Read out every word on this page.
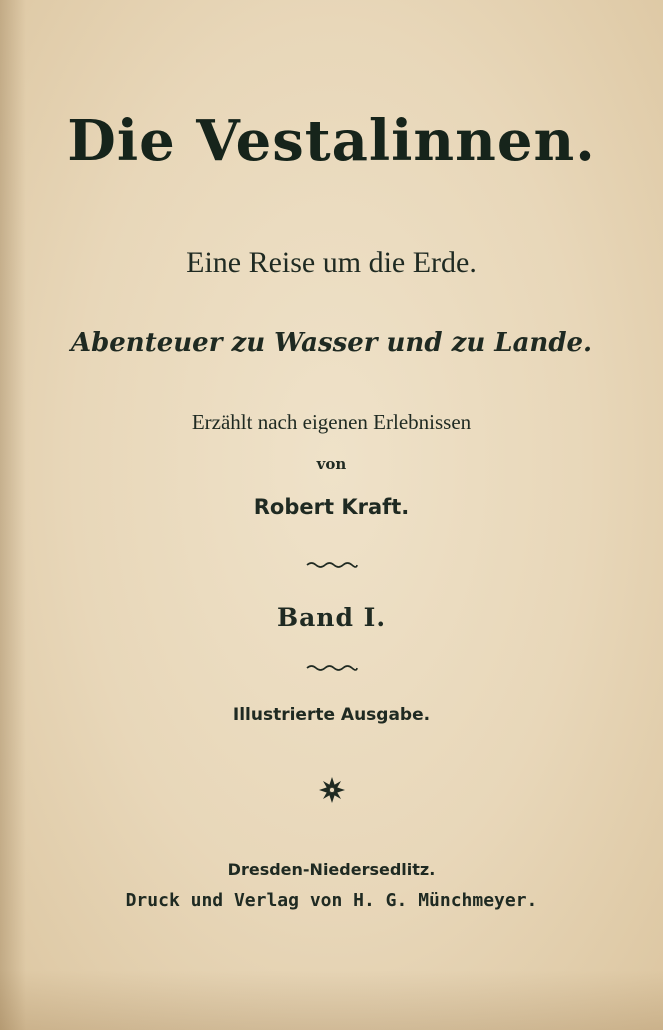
Die Vestalinnen.
Eine Reise um die Erde.
Abenteuer zu Wasser und zu Lande.
Erzählt nach eigenen Erlebnissen
von
Robert Kraft.
Band I.
Illustrierte Ausgabe.
Dresden-Niedersedlitz.
Druck und Verlag von H. G. Münchmeyer.
